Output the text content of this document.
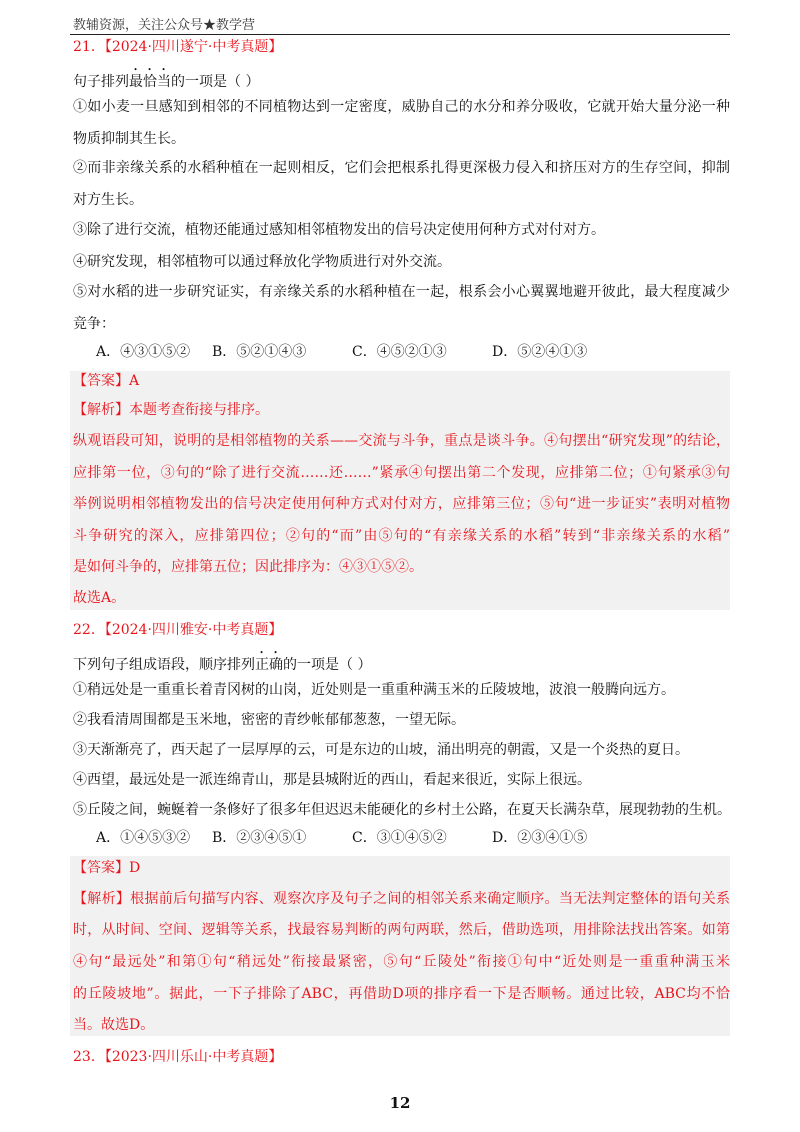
教辅资源，关注公众号★教学营
21．【2024·四川遂宁·中考真题】
句子排列最恰当的一项是（ ）
①如小麦一旦感知到相邻的不同植物达到一定密度，威胁自己的水分和养分吸收，它就开始大量分泌一种
物质抑制其生长。
②而非亲缘关系的水稻种植在一起则相反，它们会把根系扎得更深极力侵入和挤压对方的生存空间，抑制
对方生长。
③除了进行交流，植物还能通过感知相邻植物发出的信号决定使用何种方式对付对方。
④研究发现，相邻植物可以通过释放化学物质进行对外交流。
⑤对水稻的进一步研究证实，有亲缘关系的水稻种植在一起，根系会小心翼翼地避开彼此，最大程度减少
竞争：
A．④③①⑤② B．⑤②①④③	C．④⑤②①③	D．⑤②④①③
【答案】A
【解析】本题考查衔接与排序。
纵观语段可知，说明的是相邻植物的关系——交流与斗争，重点是谈斗争。④句摆出“研究发现”的结论，
应排第一位，③句的“除了进行交流……还……”紧承④句摆出第二个发现，应排第二位；①句紧承③句
举例说明相邻植物发出的信号决定使用何种方式对付对方，应排第三位；⑤句“进一步证实”表明对植物
斗争研究的深入，应排第四位；②句的“而”由⑤句的“有亲缘关系的水稻”转到“非亲缘关系的水稻”
是如何斗争的，应排第五位；因此排序为：④③①⑤②。
故选A。
22．【2024·四川雅安·中考真题】
下列句子组成语段，顺序排列正确的一项是（ ）
①稍远处是一重重长着青冈树的山岗，近处则是一重重种满玉米的丘陵坡地，波浪一般腾向远方。
②我看清周围都是玉米地，密密的青纱帐郁郁葱葱，一望无际。
③天渐渐亮了，西天起了一层厚厚的云，可是东边的山坡，涌出明亮的朝霞，又是一个炎热的夏日。
④西望，最远处是一派连绵青山，那是县城附近的西山，看起来很近，实际上很远。
⑤丘陵之间，蜿蜒着一条修好了很多年但迟迟未能硬化的乡村土公路，在夏天长满杂草，展现勃勃的生机。
A．①④⑤③② B．②③④⑤①	C．③①④⑤②	D．②③④①⑤
【答案】D
【解析】根据前后句描写内容、观察次序及句子之间的相邻关系来确定顺序。当无法判定整体的语句关系
时，从时间、空间、逻辑等关系，找最容易判断的两句两联，然后，借助选项，用排除法找出答案。如第
④句“最远处”和第①句“稍远处”衔接最紧密，⑤句“丘陵处”衔接①句中“近处则是一重重种满玉米
的丘陵坡地”。据此，一下子排除了ABC，再借助D项的排序看一下是否顺畅。通过比较，ABC均不恰
当。故选D。
23．【2023·四川乐山·中考真题】
12
